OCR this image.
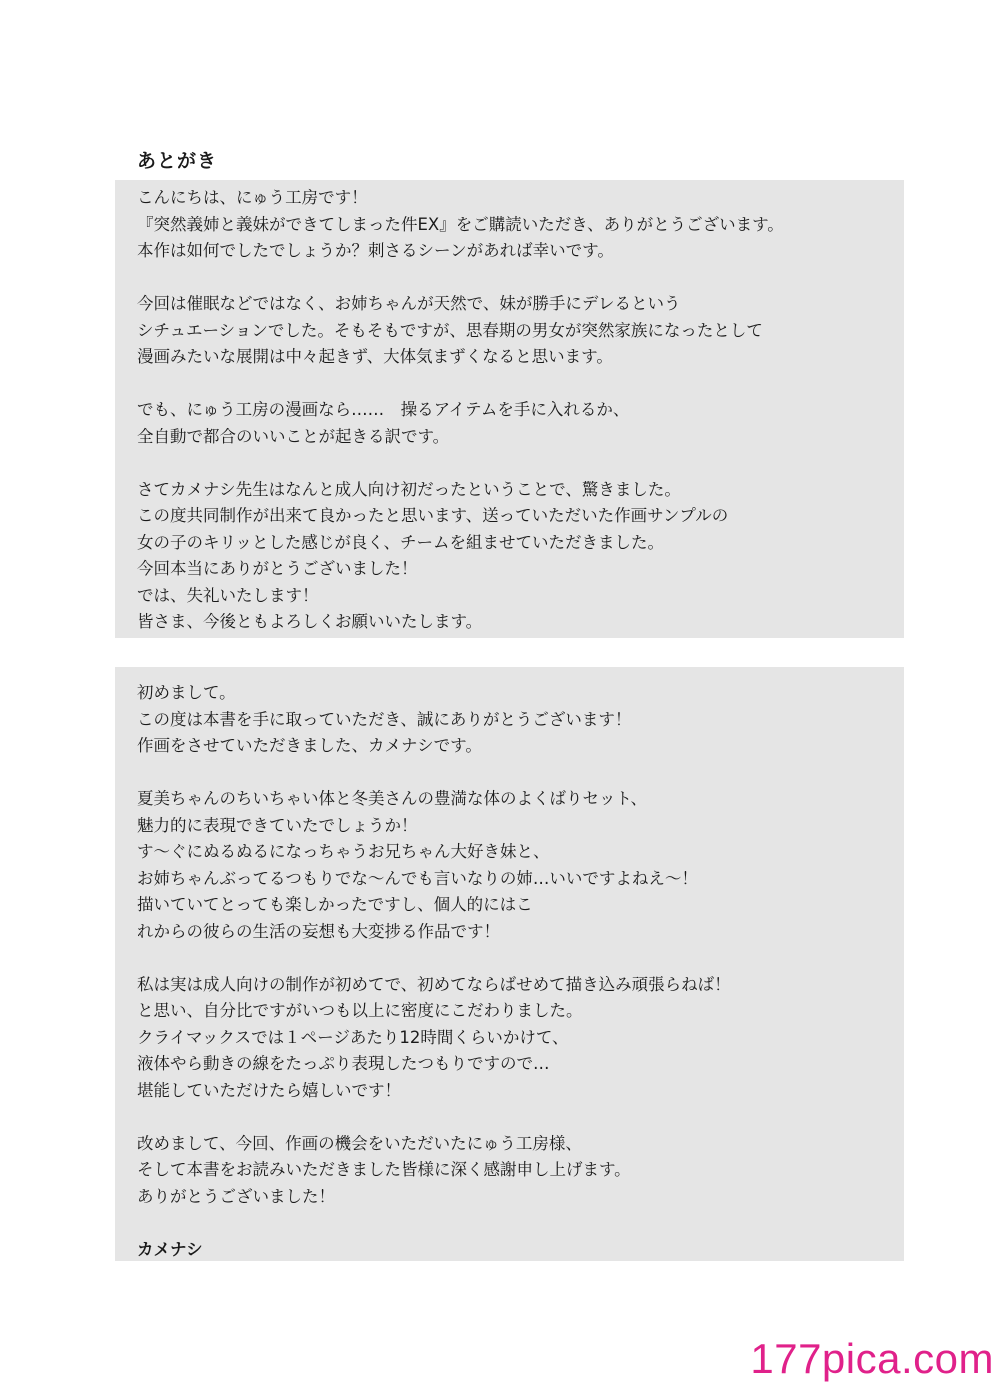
あとがき

こんにちは、にゅう工房です！

『突然義姉と義妹ができてしまった件EX』をご購読いただき、ありがとうございます。

本作は如何でしたでしょうか？刺さるシーンがあれば幸いです。

今回は催眠などではなく、お姉ちゃんが天然で、妹が勝手にデレるという

シチュエーションでした。そもそもですが、思春期の男女が突然家族になったとして

漫画みたいな展開は中々起きず、大体気まずくなると思います。

でも、にゅう工房の漫画なら……　操るアイテムを手に入れるか、

全自動で都合のいいことが起きる訳です。

さてカメナシ先生はなんと成人向け初だったということで、驚きました。

この度共同制作が出来て良かったと思います、送っていただいた作画サンプルの

女の子のキリッとした感じが良く、チームを組ませていただきました。

今回本当にありがとうございました！

では、失礼いたします！

皆さま、今後ともよろしくお願いいたします。

初めまして。

この度は本書を手に取っていただき、誠にありがとうございます！

作画をさせていただきました、カメナシです。

夏美ちゃんのちいちゃい体と冬美さんの豊満な体のよくばりセット、

魅力的に表現できていたでしょうか！

す～ぐにぬるぬるになっちゃうお兄ちゃん大好き妹と、

お姉ちゃんぶってるつもりでな～んでも言いなりの姉…いいですよねえ～！

描いていてとっても楽しかったですし、個人的にはこ

れからの彼らの生活の妄想も大変捗る作品です！

私は実は成人向けの制作が初めてで、初めてならばせめて描き込み頑張らねば！

と思い、自分比ですがいつも以上に密度にこだわりました。

クライマックスでは１ページあたり12時間くらいかけて、

液体やら動きの線をたっぷり表現したつもりですので…

堪能していただけたら嬉しいです！

改めまして、今回、作画の機会をいただいたにゅう工房様、

そして本書をお読みいただきました皆様に深く感謝申し上げます。

ありがとうございました！

カメナシ

177pica.com
